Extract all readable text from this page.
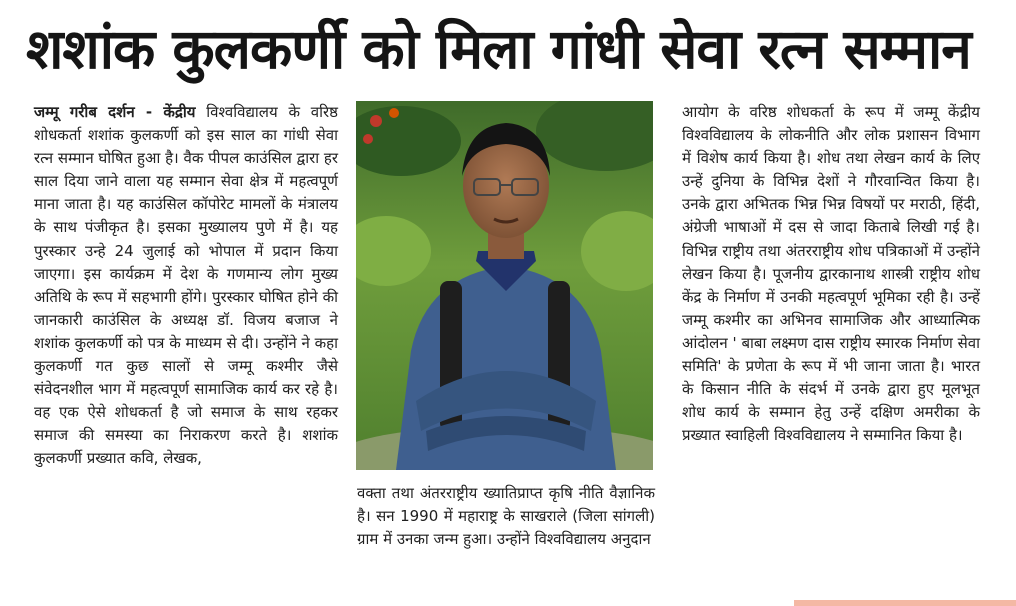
शशांक कुलकर्णी को मिला गांधी सेवा रत्न सम्मान
जम्मू गरीब दर्शन - केंद्रीय विश्वविद्यालय के वरिष्ठ शोधकर्ता शशांक कुलकर्णी को इस साल का गांधी सेवा रत्न सम्मान घोषित हुआ है। वैक पीपल काउंसिल द्वारा हर साल दिया जाने वाला यह सम्मान सेवा क्षेत्र में महत्वपूर्ण माना जाता है। यह काउंसिल कॉपोरेट मामलों के मंत्रालय के साथ पंजीकृत है। इसका मुख्यालय पुणे में है। यह पुरस्कार उन्हे 24 जुलाई को भोपाल में प्रदान किया जाएगा। इस कार्यक्रम में देश के गणमान्य लोग मुख्य अतिथि के रूप में सहभागी होंगे। पुरस्कार घोषित होने की जानकारी काउंसिल के अध्यक्ष डॉ. विजय बजाज ने शशांक कुलकर्णी को पत्र के माध्यम से दी। उन्होंने ने कहा कुलकर्णी गत कुछ सालों से जम्मू कश्मीर जैसे संवेदनशील भाग में महत्वपूर्ण सामाजिक कार्य कर रहे है। वह एक ऐसे शोधकर्ता है जो समाज के साथ रहकर समाज की समस्या का निराकरण करते है। शशांक कुलकर्णी प्रख्यात कवि, लेखक,
वक्ता तथा अंतरराष्ट्रीय ख्यातिप्राप्त कृषि नीति वैज्ञानिक है। सन 1990 में महाराष्ट्र के साखराले (जिला सांगली) ग्राम में उनका जन्म हुआ। उन्होंने विश्वविद्यालय अनुदान
आयोग के वरिष्ठ शोधकर्ता के रूप में जम्मू केंद्रीय विश्वविद्यालय के लोकनीति और लोक प्रशासन विभाग में विशेष कार्य किया है। शोध तथा लेखन कार्य के लिए उन्हें दुनिया के विभिन्न देशों ने गौरवान्वित किया है। उनके द्वारा अभितक भिन्न भिन्न विषयों पर मराठी, हिंदी, अंग्रेजी भाषाओं में दस से जादा किताबे लिखी गई है। विभिन्न राष्ट्रीय तथा अंतरराष्ट्रीय शोध पत्रिकाओं में उन्होंने लेखन किया है। पूजनीय द्वारकानाथ शास्त्री राष्ट्रीय शोध केंद्र के निर्माण में उनकी महत्वपूर्ण भूमिका रही है। उन्हें जम्मू कश्मीर का अभिनव सामाजिक और आध्यात्मिक आंदोलन ' बाबा लक्ष्मण दास राष्ट्रीय स्मारक निर्माण सेवा समिति' के प्रणेता के रूप में भी जाना जाता है। भारत के किसान नीति के संदर्भ में उनके द्वारा हुए मूलभूत शोध कार्य के सम्मान हेतु उन्हें दक्षिण अमरीका के प्रख्यात स्वाहिली विश्वविद्यालय ने सम्मानित किया है।
